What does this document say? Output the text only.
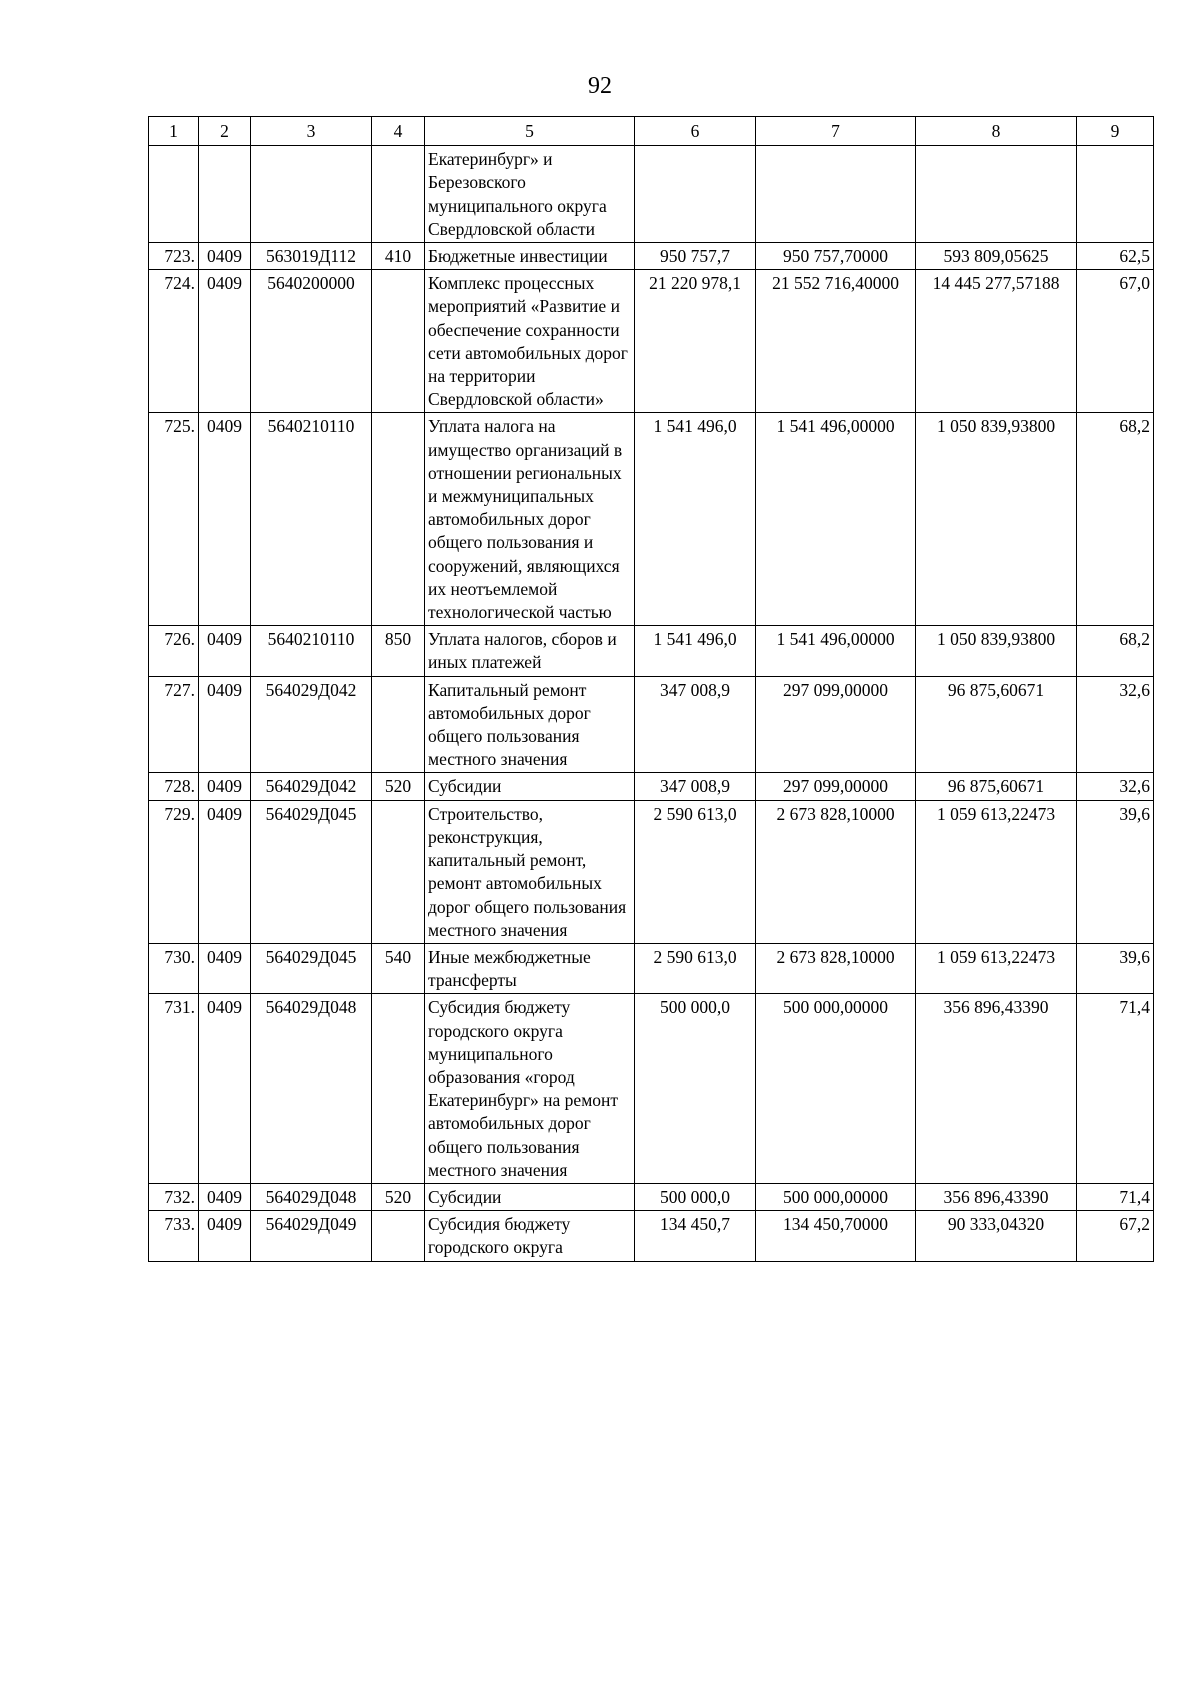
92
1	2	3	4	5	6	7	8	9
				Екатеринбург» и Березовского муниципального округа Свердловской области				
723.	0409	563019Д112	410	Бюджетные инвестиции	950 757,7	950 757,70000	593 809,05625	62,5
724.	0409	5640200000		Комплекс процессных мероприятий «Развитие и обеспечение сохранности сети автомобильных дорог на территории Свердловской области»	21 220 978,1	21 552 716,40000	14 445 277,57188	67,0
725.	0409	5640210110		Уплата налога на имущество организаций в отношении региональных и межмуниципальных автомобильных дорог общего пользования и сооружений, являющихся их неотъемлемой технологической частью	1 541 496,0	1 541 496,00000	1 050 839,93800	68,2
726.	0409	5640210110	850	Уплата налогов, сборов и иных платежей	1 541 496,0	1 541 496,00000	1 050 839,93800	68,2
727.	0409	564029Д042		Капитальный ремонт автомобильных дорог общего пользования местного значения	347 008,9	297 099,00000	96 875,60671	32,6
728.	0409	564029Д042	520	Субсидии	347 008,9	297 099,00000	96 875,60671	32,6
729.	0409	564029Д045		Строительство, реконструкция, капитальный ремонт, ремонт автомобильных дорог общего пользования местного значения	2 590 613,0	2 673 828,10000	1 059 613,22473	39,6
730.	0409	564029Д045	540	Иные межбюджетные трансферты	2 590 613,0	2 673 828,10000	1 059 613,22473	39,6
731.	0409	564029Д048		Субсидия бюджету городского округа муниципального образования «город Екатеринбург» на ремонт автомобильных дорог общего пользования местного значения	500 000,0	500 000,00000	356 896,43390	71,4
732.	0409	564029Д048	520	Субсидии	500 000,0	500 000,00000	356 896,43390	71,4
733.	0409	564029Д049		Субсидия бюджету городского округа	134 450,7	134 450,70000	90 333,04320	67,2
